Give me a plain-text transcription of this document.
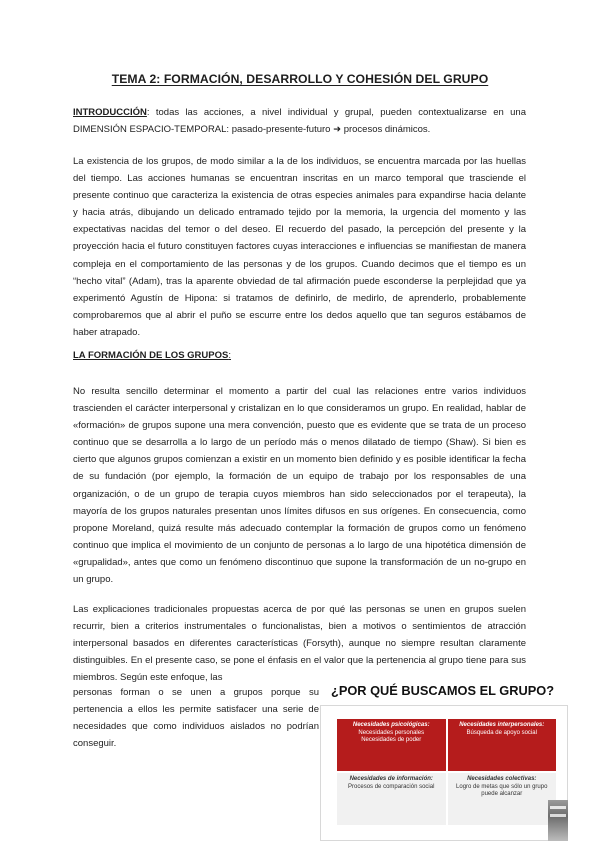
TEMA 2: FORMACIÓN, DESARROLLO Y COHESIÓN DEL GRUPO

INTRODUCCIÓN: todas las acciones, a nivel individual y grupal, pueden contextualizarse en una DIMENSIÓN ESPACIO-TEMPORAL: pasado-presente-futuro ➜ procesos dinámicos.

La existencia de los grupos, de modo similar a la de los individuos, se encuentra marcada por las huellas del tiempo. Las acciones humanas se encuentran inscritas en un marco temporal que trasciende el presente continuo que caracteriza la existencia de otras especies animales para expandirse hacia delante y hacia atrás, dibujando un delicado entramado tejido por la memoria, la urgencia del momento y las expectativas nacidas del temor o del deseo. El recuerdo del pasado, la percepción del presente y la proyección hacia el futuro constituyen factores cuyas interacciones e influencias se manifiestan de manera compleja en el comportamiento de las personas y de los grupos. Cuando decimos que el tiempo es un “hecho vital” (Adam), tras la aparente obviedad de tal afirmación puede esconderse la perplejidad que ya experimentó Agustín de Hipona: si tratamos de definirlo, de medirlo, de aprenderlo, probablemente comprobaremos que al abrir el puño se escurre entre los dedos aquello que tan seguros estábamos de haber atrapado.

LA FORMACIÓN DE LOS GRUPOS:

No resulta sencillo determinar el momento a partir del cual las relaciones entre varios individuos trascienden el carácter interpersonal y cristalizan en lo que consideramos un grupo. En realidad, hablar de «formación» de grupos supone una mera convención, puesto que es evidente que se trata de un proceso continuo que se desarrolla a lo largo de un período más o menos dilatado de tiempo (Shaw). Si bien es cierto que algunos grupos comienzan a existir en un momento bien definido y es posible identificar la fecha de su fundación (por ejemplo, la formación de un equipo de trabajo por los responsables de una organización, o de un grupo de terapia cuyos miembros han sido seleccionados por el terapeuta), la mayoría de los grupos naturales presentan unos límites difusos en sus orígenes. En consecuencia, como propone Moreland, quizá resulte más adecuado contemplar la formación de grupos como un fenómeno continuo que implica el movimiento de un conjunto de personas a lo largo de una hipotética dimensión de «grupalidad», antes que como un fenómeno discontinuo que supone la transformación de un no-grupo en un grupo.

Las explicaciones tradicionales propuestas acerca de por qué las personas se unen en grupos suelen recurrir, bien a criterios instrumentales o funcionalistas, bien a motivos o sentimientos de atracción interpersonal basados en diferentes características (Forsyth), aunque no siempre resultan claramente distinguibles. En el presente caso, se pone el énfasis en el valor que la pertenencia al grupo tiene para sus miembros. Según este enfoque, las

personas forman o se unen a grupos porque su pertenencia a ellos les permite satisfacer una serie de necesidades que como individuos aislados no podrían conseguir.

¿POR QUÉ BUSCAMOS EL GRUPO?
Necesidades psicológicas:
Necesidades personales Necesidades de poder
Necesidades interpersonales:
Búsqueda de apoyo social
Necesidades de información:
Procesos de comparación social
Necesidades colectivas:
Logro de metas que sólo un grupo puede alcanzar
